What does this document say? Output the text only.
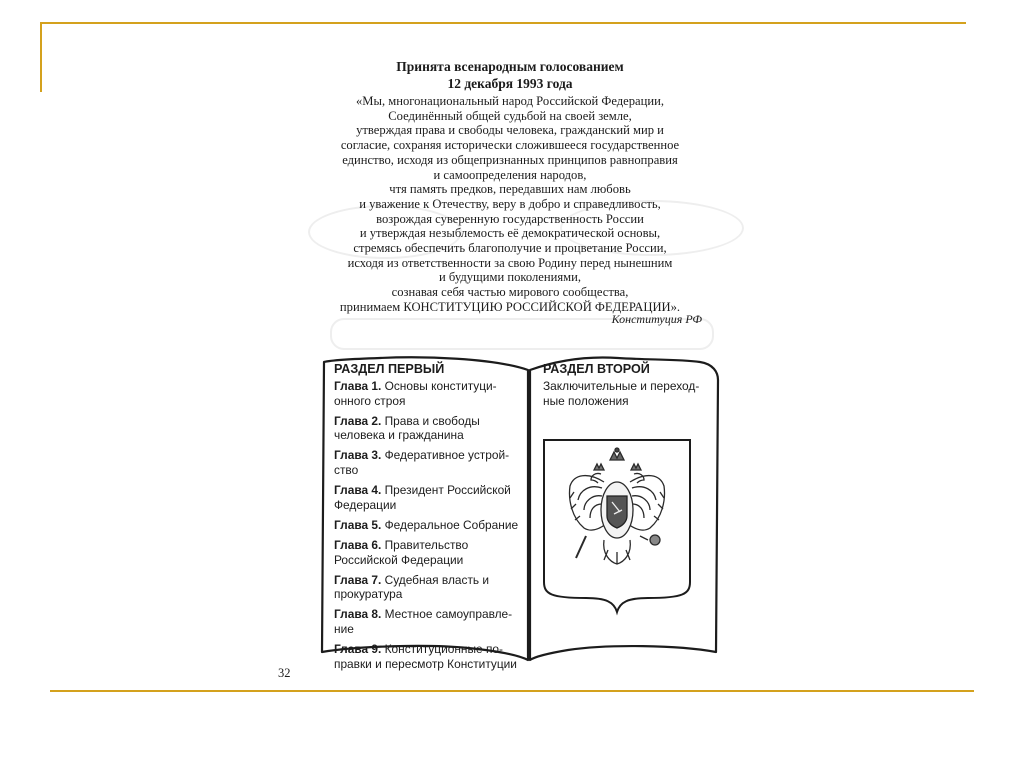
Принята всенародным голосованием
12 декабря 1993 года
«Мы, многонациональный народ Российской Федерации,
Соединённый общей судьбой на своей земле,
утверждая права и свободы человека, гражданский мир и
согласие, сохраняя исторически сложившееся государственное
единство, исходя из общепризнанных принципов равноправия
и самоопределения народов,
чтя память предков, передавших нам любовь
и уважение к Отечеству, веру в добро и справедливость,
возрождая суверенную государственность России
и утверждая незыблемость её демократической основы,
стремясь обеспечить благополучие и процветание России,
исходя из ответственности за свою Родину перед нынешним
и будущими поколениями,
сознавая себя частью мирового сообщества,
принимаем КОНСТИТУЦИЮ РОССИЙСКОЙ ФЕДЕРАЦИИ».
Конституция РФ
РАЗДЕЛ ПЕРВЫЙ
Глава 1. Основы конституци-
онного строя
Глава 2. Права и свободы
человека и гражданина
Глава 3. Федеративное устрой-
ство
Глава 4. Президент Российской
Федерации
Глава 5. Федеральное Собрание
Глава 6. Правительство
Российской Федерации
Глава 7. Судебная власть и
прокуратура
Глава 8. Местное самоуправле-
ние
Глава 9. Конституционные по-
правки и пересмотр Конституции
РАЗДЕЛ ВТОРОЙ
Заключительные и переход-
ные положения
32
